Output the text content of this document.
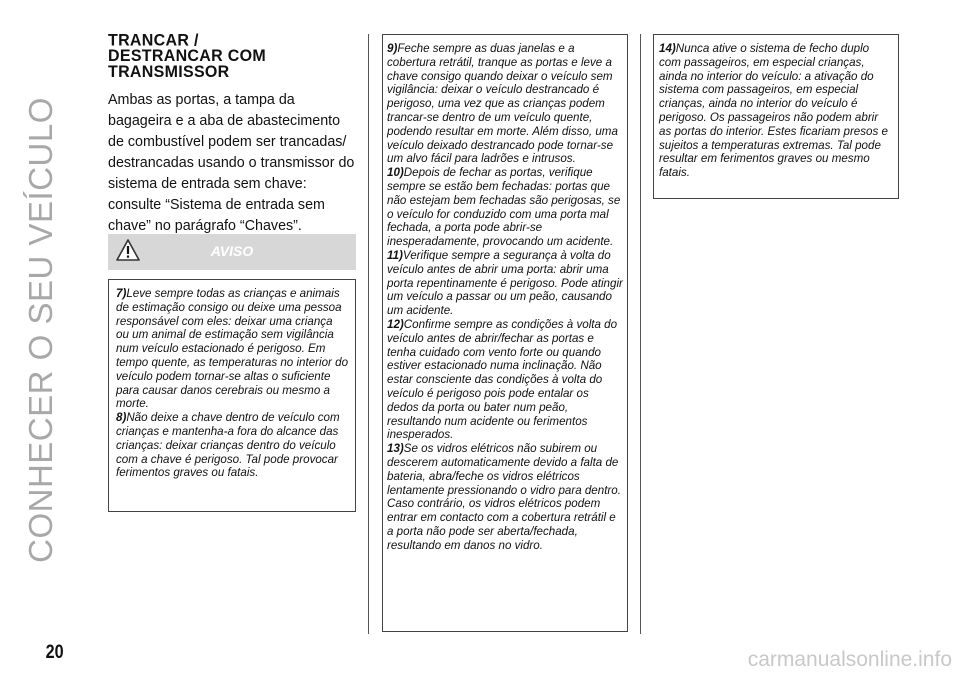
CONHECER O SEU VEÍCULO
20	carmanualsonline.info
TRANCAR /
DESTRANCAR COM
TRANSMISSOR
Ambas as portas, a tampa da bagageira e a aba de abastecimento de combustível podem ser trancadas/ destrancadas usando o transmissor do sistema de entrada sem chave: consulte “Sistema de entrada sem chave” no parágrafo “Chaves”.
AVISO

7)Leve sempre todas as crianças e animais de estimação consigo ou deixe uma pessoa responsável com eles: deixar uma criança ou um animal de estimação sem vigilância num veículo estacionado é perigoso. Em tempo quente, as temperaturas no interior do veículo podem tornar-se altas o suficiente para causar danos cerebrais ou mesmo a morte.

8)Não deixe a chave dentro de veículo com crianças e mantenha-a fora do alcance das crianças: deixar crianças dentro do veículo com a chave é perigoso. Tal pode provocar ferimentos graves ou fatais.

9)Feche sempre as duas janelas e a cobertura retrátil, tranque as portas e leve a chave consigo quando deixar o veículo sem vigilância: deixar o veículo destrancado é perigoso, uma vez que as crianças podem trancar-se dentro de um veículo quente, podendo resultar em morte. Além disso, uma veículo deixado destrancado pode tornar-se um alvo fácil para ladrões e intrusos.

10)Depois de fechar as portas, verifique sempre se estão bem fechadas: portas que não estejam bem fechadas são perigosas, se o veículo for conduzido com uma porta mal fechada, a porta pode abrir-se inesperadamente, provocando um acidente.

11)Verifique sempre a segurança à volta do veículo antes de abrir uma porta: abrir uma porta repentinamente é perigoso. Pode atingir um veículo a passar ou um peão, causando um acidente.

12)Confirme sempre as condições à volta do veículo antes de abrir/fechar as portas e tenha cuidado com vento forte ou quando estiver estacionado numa inclinação. Não estar consciente das condições à volta do veículo é perigoso pois pode entalar os dedos da porta ou bater num peão, resultando num acidente ou ferimentos inesperados.

13)Se os vidros elétricos não subirem ou descerem automaticamente devido a falta de bateria, abra/feche os vidros elétricos lentamente pressionando o vidro para dentro. Caso contrário, os vidros elétricos podem entrar em contacto com a cobertura retrátil e a porta não pode ser aberta/fechada, resultando em danos no vidro.

14)Nunca ative o sistema de fecho duplo com passageiros, em especial crianças, ainda no interior do veículo: a ativação do sistema com passageiros, em especial crianças, ainda no interior do veículo é perigoso. Os passageiros não podem abrir as portas do interior. Estes ficariam presos e sujeitos a temperaturas extremas. Tal pode resultar em ferimentos graves ou mesmo fatais.
